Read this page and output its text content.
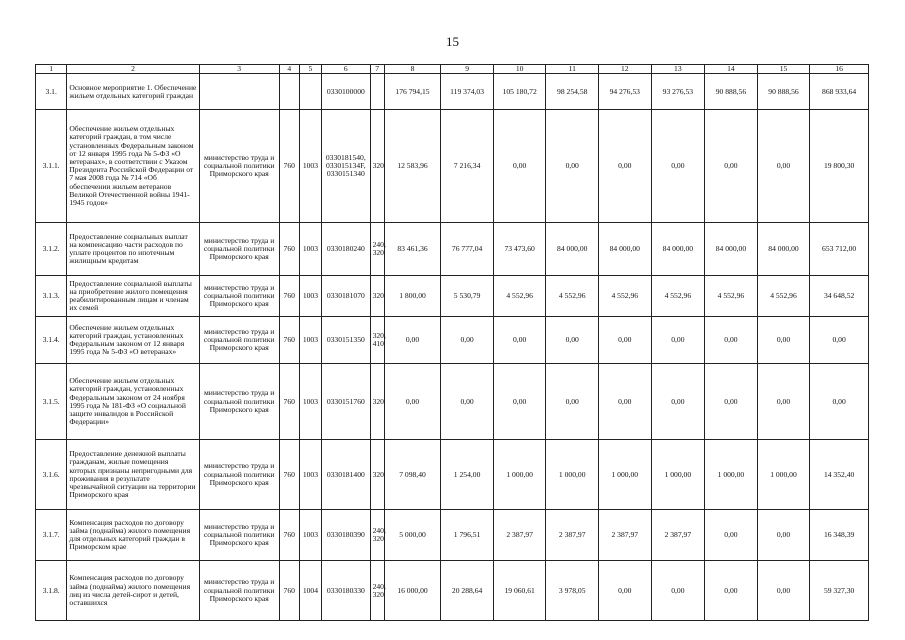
15
1	2	3	4	5	6	7	8	9	10	11	12	13	14	15	16
3.1.	Основное мероприятие 1. Обеспечение жильем отдельных категорий граждан				0330100000		176 794,15	119 374,03	105 180,72	98 254,58	94 276,53	93 276,53	90 888,56	90 888,56	868 933,64
3.1.1.	Обеспечение жильем отдельных категорий граждан, в том числе установленных Федеральным законом от 12 января 1995 года № 5-ФЗ «О ветеранах», в соответствии с Указом Президента Российской Федерации от 7 мая 2008 года № 714 «Об обеспечении жильем ветеранов Великой Отечественной войны 1941-1945 годов»	министерство труда и социальной политики Приморского края	760	1003	0330181540, 033015134F, 0330151340	320	12 583,96	7 216,34	0,00	0,00	0,00	0,00	0,00	0,00	19 800,30
3.1.2.	Предоставление социальных выплат на компенсацию части расходов по уплате процентов по ипотечным жилищным кредитам	министерство труда и социальной политики Приморского края	760	1003	0330180240	240, 320	83 461,36	76 777,04	73 473,60	84 000,00	84 000,00	84 000,00	84 000,00	84 000,00	653 712,00
3.1.3.	Предоставление социальной выплаты на приобретение жилого помещения реабилитированным лицам и членам их семей	министерство труда и социальной политики Приморского края	760	1003	0330181070	320	1 800,00	5 530,79	4 552,96	4 552,96	4 552,96	4 552,96	4 552,96	4 552,96	34 648,52
3.1.4.	Обеспечение жильем отдельных категорий граждан, установленных Федеральным законом от 12 января 1995 года № 5-ФЗ «О ветеранах»	министерство труда и социальной политики Приморского края	760	1003	0330151350	320, 410	0,00	0,00	0,00	0,00	0,00	0,00	0,00	0,00	0,00
3.1.5.	Обеспечение жильем отдельных категорий граждан, установленных Федеральным законом от 24 ноября 1995 года № 181-ФЗ «О социальной защите инвалидов в Российской Федерации»	министерство труда и социальной политики Приморского края	760	1003	0330151760	320	0,00	0,00	0,00	0,00	0,00	0,00	0,00	0,00	0,00
3.1.6.	Предоставление денежной выплаты гражданам, жилые помещения которых признаны непригодными для проживания в результате чрезвычайной ситуации на территории Приморского края	министерство труда и социальной политики Приморского края	760	1003	0330181400	320	7 098,40	1 254,00	1 000,00	1 000,00	1 000,00	1 000,00	1 000,00	1 000,00	14 352,40
3.1.7.	Компенсация расходов по договору займа (поднайма) жилого помещения для отдельных категорий граждан в Приморском крае	министерство труда и социальной политики Приморского края	760	1003	0330180390	240, 320	5 000,00	1 796,51	2 387,97	2 387,97	2 387,97	2 387,97	0,00	0,00	16 348,39
3.1.8.	Компенсация расходов по договору займа (поднайма) жилого помещения лиц из числа детей-сирот и детей, оставшихся	министерство труда и социальной политики Приморского края	760	1004	0330180330	240, 320	16 000,00	20 288,64	19 060,61	3 978,05	0,00	0,00	0,00	0,00	59 327,30
